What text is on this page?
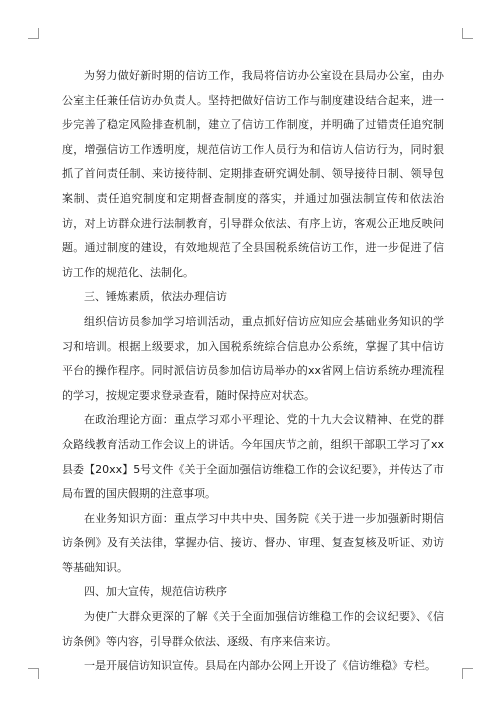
为努力做好新时期的信访工作，我局将信访办公室设在县局办公室，由办公室主任兼任信访办负责人。坚持把做好信访工作与制度建设结合起来，进一步完善了稳定风险排查机制，建立了信访工作制度，并明确了过错责任追究制度，增强信访工作透明度，规范信访工作人员行为和信访人信访行为，同时狠抓了首问责任制、来访接待制、定期排查研究调处制、领导接待日制、领导包案制、责任追究制度和定期督查制度的落实，并通过加强法制宣传和依法治访，对上访群众进行法制教育，引导群众依法、有序上访，客观公正地反映问题。通过制度的建设，有效地规范了全县国税系统信访工作，进一步促进了信访工作的规范化、法制化。

三、锤炼素质，依法办理信访

组织信访员参加学习培训活动，重点抓好信访应知应会基础业务知识的学习和培训。根据上级要求，加入国税系统综合信息办公系统，掌握了其中信访平台的操作程序。同时派信访员参加信访局举办的xx省网上信访系统办理流程的学习，按规定要求登录查看，随时保持应对状态。

在政治理论方面：重点学习邓小平理论、党的十九大会议精神、在党的群众路线教育活动工作会议上的讲话。今年国庆节之前，组织干部职工学习了xx县委【20xx】5号文件《关于全面加强信访维稳工作的会议纪要》，并传达了市局布置的国庆假期的注意事项。

在业务知识方面：重点学习中共中央、国务院《关于进一步加强新时期信访条例》及有关法律，掌握办信、接访、督办、审理、复查复核及听证、劝访等基础知识。

四、加大宣传，规范信访秩序

为使广大群众更深的了解《关于全面加强信访维稳工作的会议纪要》、《信访条例》等内容，引导群众依法、逐级、有序来信来访。

一是开展信访知识宣传。县局在内部办公网上开设了《信访维稳》专栏。
